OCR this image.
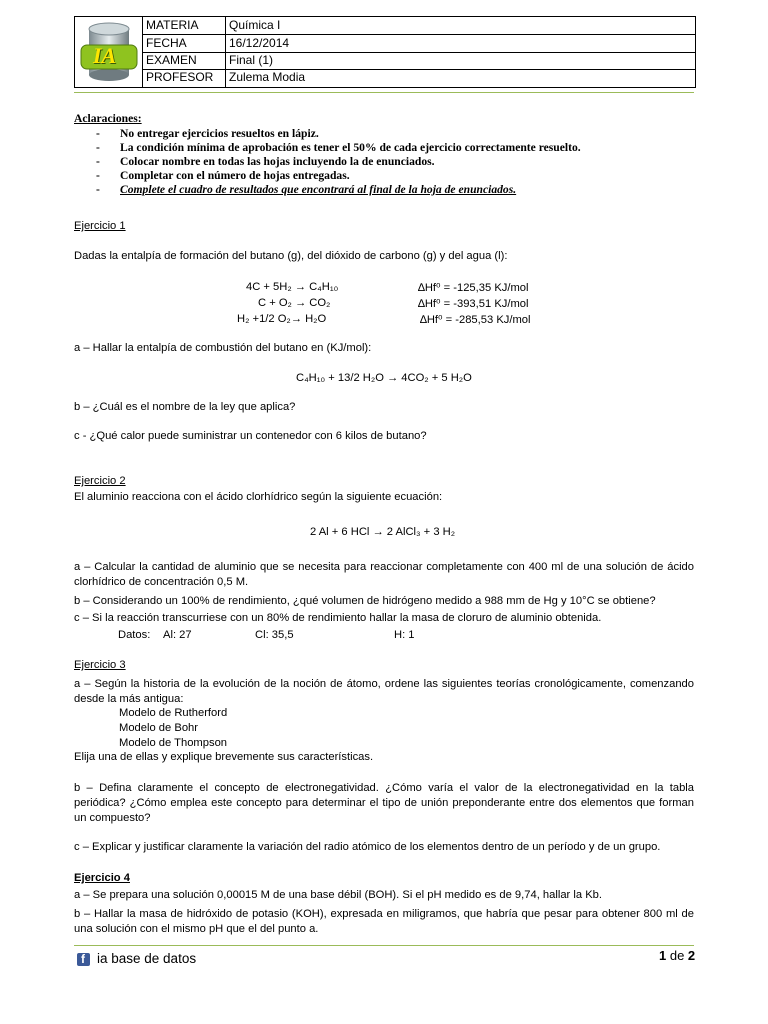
IA
MATERIA	Química I
FECHA	16/12/2014
EXAMEN	Final (1)
PROFESOR	Zulema Modia
Aclaraciones:
- No entregar ejercicios resueltos en lápiz.
- La condición mínima de aprobación es tener el 50% de cada ejercicio correctamente resuelto.
- Colocar nombre en todas las hojas incluyendo la de enunciados.
- Completar con el número de hojas entregadas.
- Complete el cuadro de resultados que encontrará al final de la hoja de enunciados.
Ejercicio 1
Dadas la entalpía de formación del butano (g), del dióxido de carbono (g) y del agua (l):
4C + 5H₂ → C₄H₁₀	∆Hf⁰ = -125,35 KJ/mol
C + O₂ → CO₂	∆Hf⁰ = -393,51 KJ/mol
H₂ +1/2 O₂→ H₂O	∆Hf⁰ = -285,53 KJ/mol
a – Hallar la entalpía de combustión del butano en (KJ/mol):
C₄H₁₀ + 13/2 H₂O → 4CO₂ + 5 H₂O
b – ¿Cuál es el nombre de la ley que aplica?
c - ¿Qué calor puede suministrar un contenedor con 6 kilos de butano?
Ejercicio 2
El aluminio reacciona con el ácido clorhídrico según la siguiente ecuación:
2 Al + 6 HCl → 2 AlCl₃ + 3 H₂
a – Calcular la cantidad de aluminio que se necesita para reaccionar completamente con 400 ml de una solución de ácido clorhídrico de concentración 0,5 M.
b – Considerando un 100% de rendimiento, ¿qué volumen de hidrógeno medido a 988 mm de Hg y 10°C se obtiene?
c – Si la reacción transcurriese con un 80% de rendimiento hallar la masa de cloruro de aluminio obtenida.
Datos: Al: 27	Cl: 35,5	H: 1
Ejercicio 3
a – Según la historia de la evolución de la noción de átomo, ordene las siguientes teorías cronológicamente, comenzando desde la más antigua:
Modelo de Rutherford
Modelo de Bohr
Modelo de Thompson
Elija una de ellas y explique brevemente sus características.
b – Defina claramente el concepto de electronegatividad. ¿Cómo varía el valor de la electronegatividad en la tabla periódica? ¿Cómo emplea este concepto para determinar el tipo de unión preponderante entre dos elementos que forman un compuesto?
c – Explicar y justificar claramente la variación del radio atómico de los elementos dentro de un período y de un grupo.
Ejercicio 4
a – Se prepara una solución 0,00015 M de una base débil (BOH). Si el pH medido es de 9,74, hallar la Kb.
b – Hallar la masa de hidróxido de potasio (KOH), expresada en miligramos, que habría que pesar para obtener 800 ml de una solución con el mismo pH que el del punto a.
f ia base de datos	1 de 2
